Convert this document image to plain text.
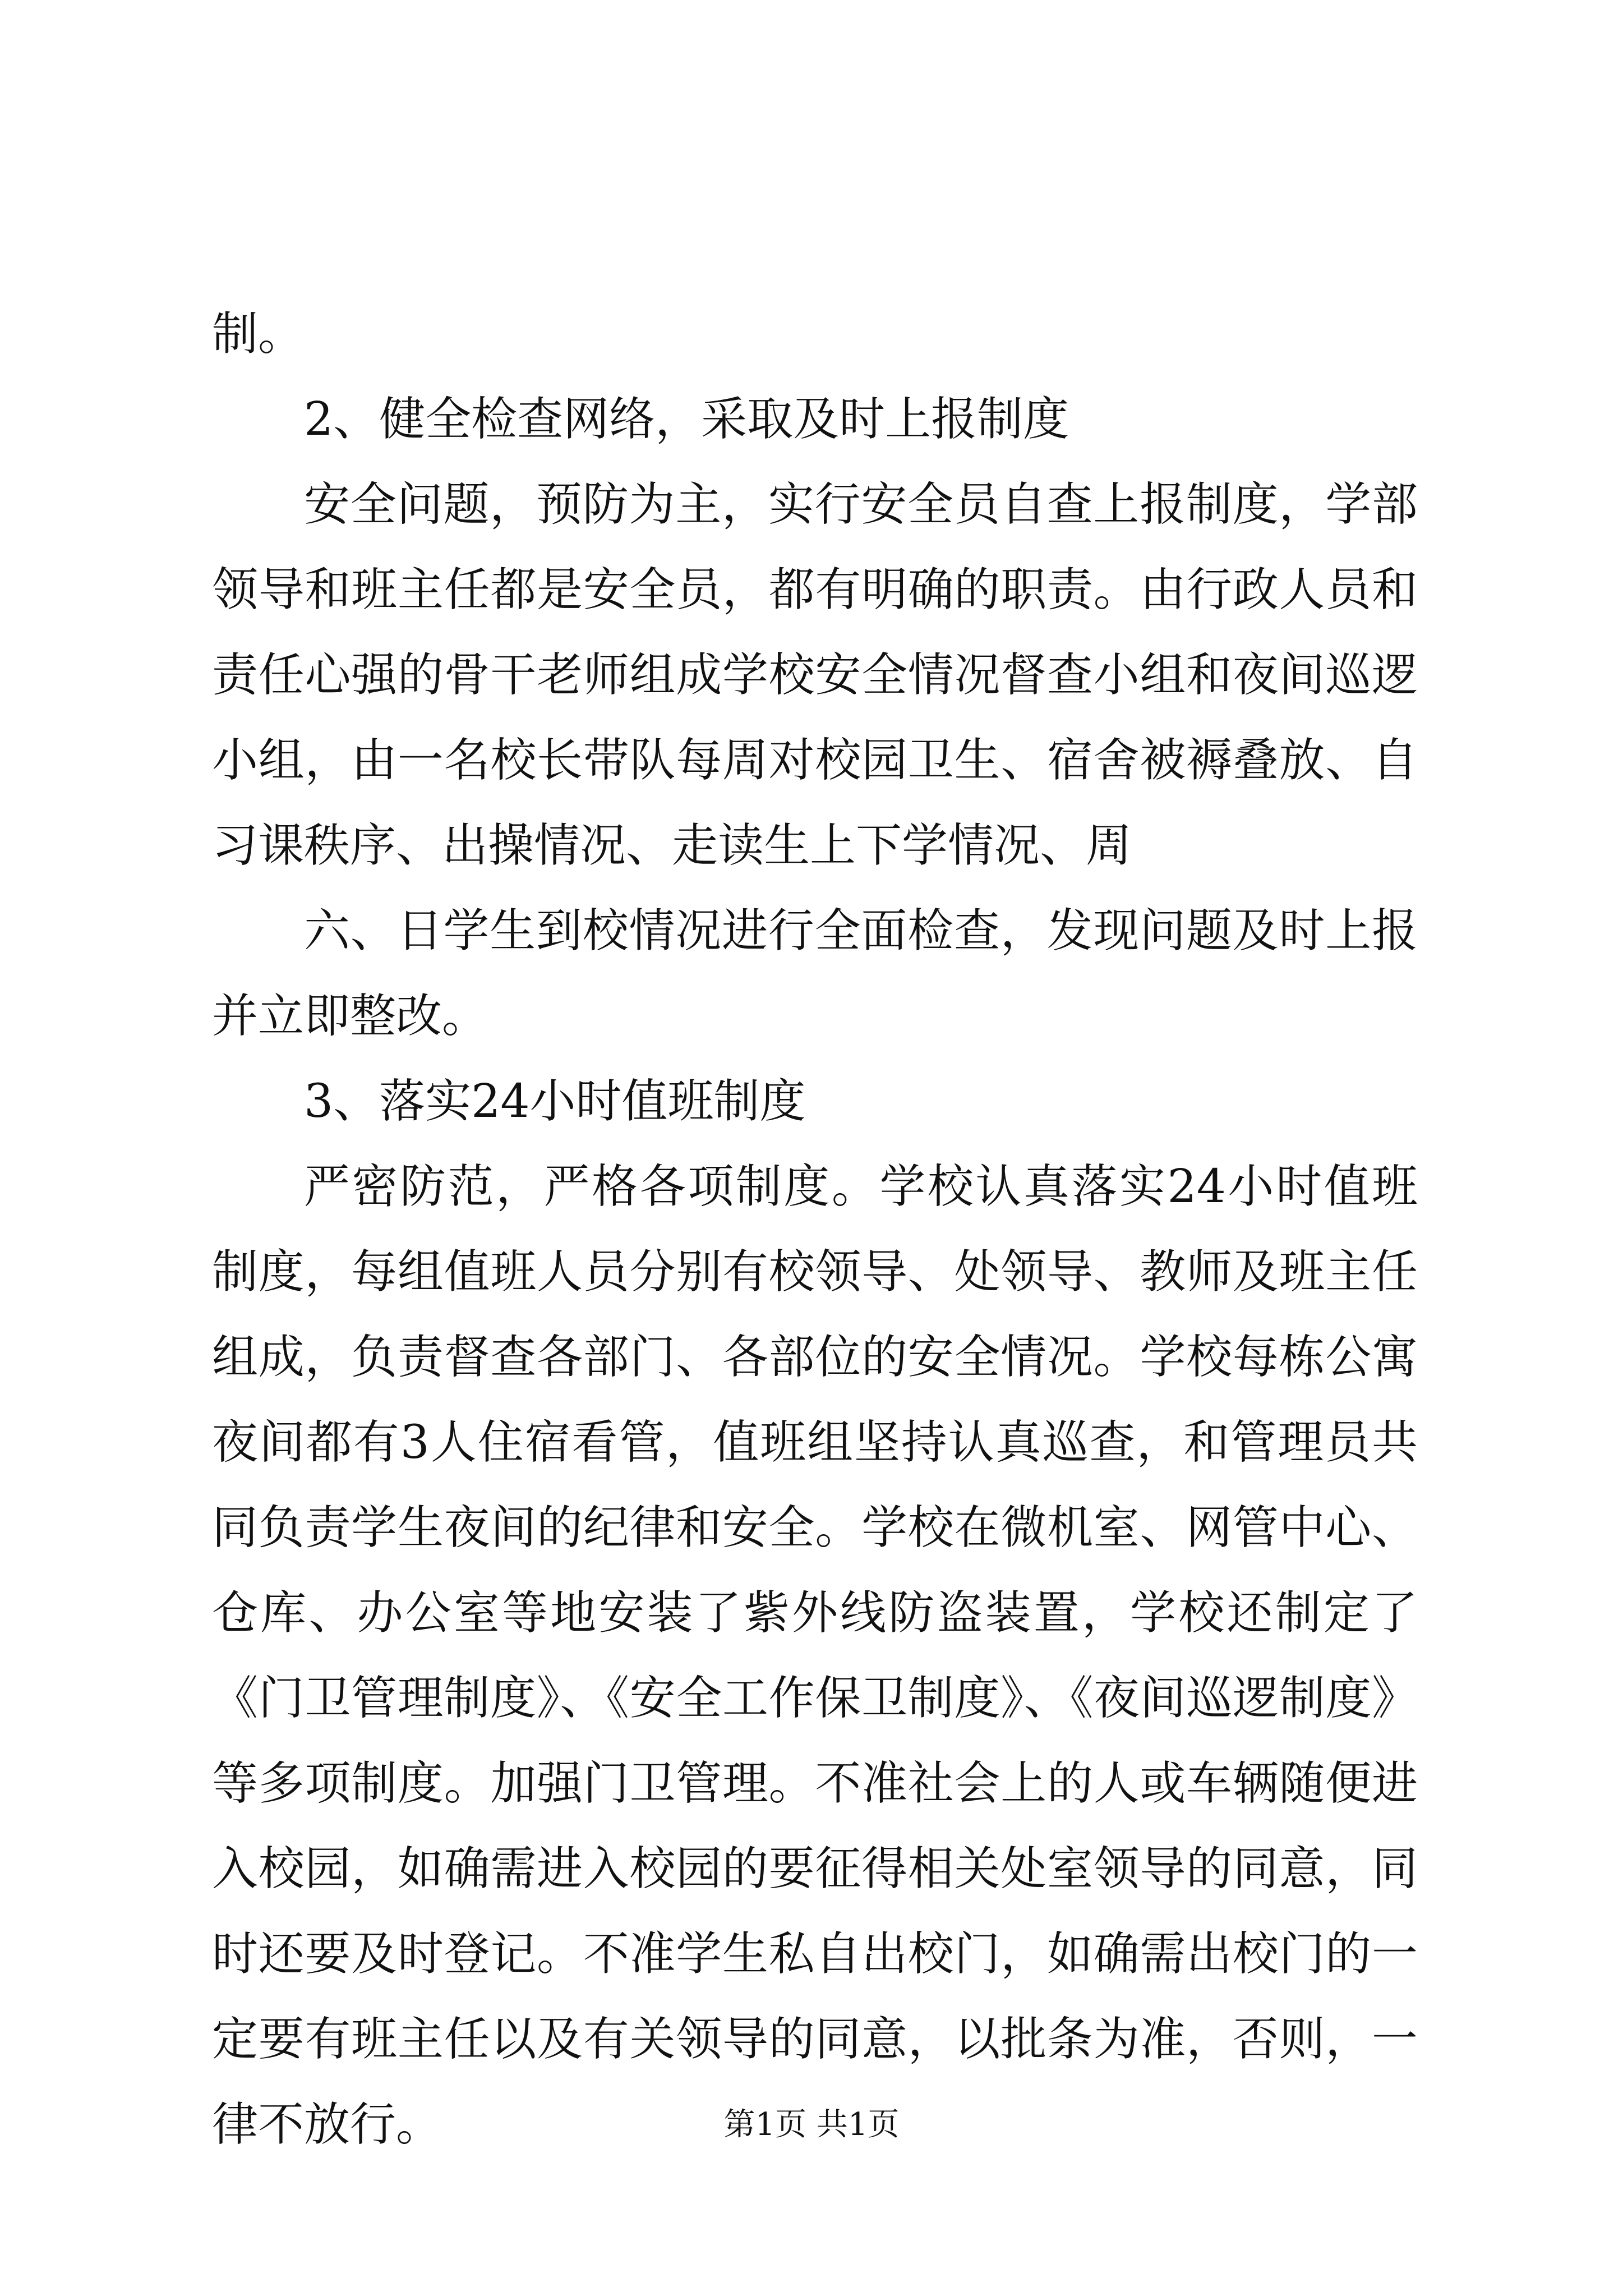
制。

2、健全检查网络，采取及时上报制度

安全问题，预防为主，实行安全员自查上报制度，学部领导和班主任都是安全员，都有明确的职责。由行政人员和责任心强的骨干老师组成学校安全情况督查小组和夜间巡逻小组，由一名校长带队每周对校园卫生、宿舍被褥叠放、自习课秩序、出操情况、走读生上下学情况、周

六、日学生到校情况进行全面检查，发现问题及时上报并立即整改。

3、落实24小时值班制度

严密防范，严格各项制度。学校认真落实24小时值班制度，每组值班人员分别有校领导、处领导、教师及班主任组成，负责督查各部门、各部位的安全情况。学校每栋公寓夜间都有3人住宿看管，值班组坚持认真巡查，和管理员共同负责学生夜间的纪律和安全。学校在微机室、网管中心、仓库、办公室等地安装了紫外线防盗装置，学校还制定了《门卫管理制度》、《安全工作保卫制度》、《夜间巡逻制度》等多项制度。加强门卫管理。不准社会上的人或车辆随便进入校园，如确需进入校园的要征得相关处室领导的同意，同时还要及时登记。不准学生私自出校门，如确需出校门的一定要有班主任以及有关领导的同意，以批条为准，否则，一律不放行。	第1页 共1页
